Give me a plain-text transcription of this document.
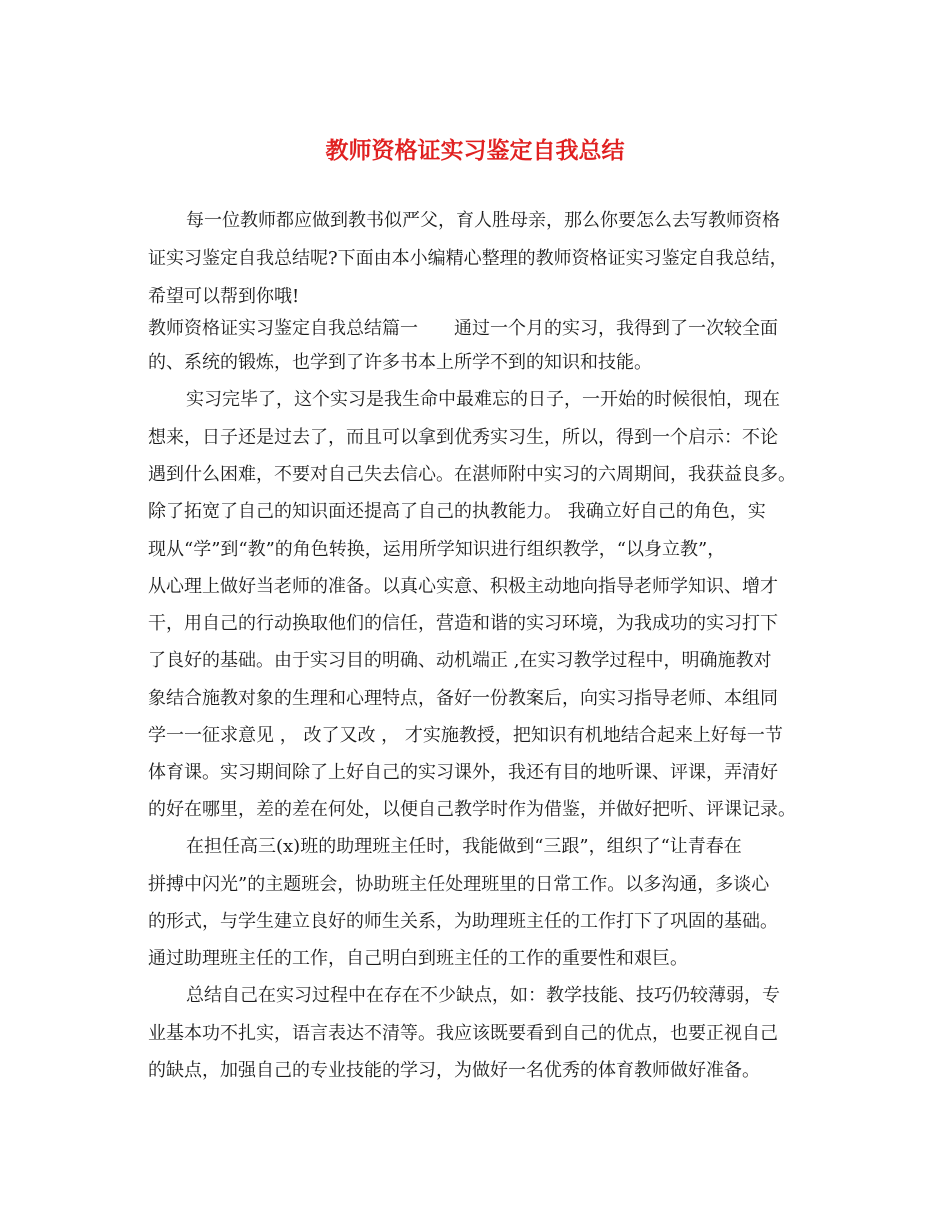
教师资格证实习鉴定自我总结

每一位教师都应做到教书似严父，育人胜母亲，那么你要怎么去写教师资格

证实习鉴定自我总结呢?下面由本小编精心整理的教师资格证实习鉴定自我总结，

希望可以帮到你哦!

教师资格证实习鉴定自我总结篇一　　通过一个月的实习，我得到了一次较全面

的、系统的锻炼，也学到了许多书本上所学不到的知识和技能。

实习完毕了，这个实习是我生命中最难忘的日子，一开始的时候很怕，现在

想来，日子还是过去了，而且可以拿到优秀实习生，所以，得到一个启示：不论

遇到什么困难，不要对自己失去信心。在湛师附中实习的六周期间，我获益良多。

除了拓宽了自己的知识面还提高了自己的执教能力。 我确立好自己的角色，实

现从“学”到“教”的角色转换，运用所学知识进行组织教学，“以身立教”，

从心理上做好当老师的准备。以真心实意、积极主动地向指导老师学知识、增才

干，用自己的行动换取他们的信任，营造和谐的实习环境，为我成功的实习打下

了良好的基础。由于实习目的明确、动机端正 ,在实习教学过程中，明确施教对

象结合施教对象的生理和心理特点，备好一份教案后，向实习指导老师、本组同

学一一征求意见 ， 改了又改 ， 才实施教授，把知识有机地结合起来上好每一节

体育课。实习期间除了上好自己的实习课外，我还有目的地听课、评课，弄清好

的好在哪里，差的差在何处，以便自己教学时作为借鉴，并做好把听、评课记录。

在担任高三(x)班的助理班主任时，我能做到“三跟”，组织了“让青春在

拼搏中闪光”的主题班会，协助班主任处理班里的日常工作。以多沟通，多谈心

的形式，与学生建立良好的师生关系，为助理班主任的工作打下了巩固的基础。

通过助理班主任的工作，自己明白到班主任的工作的重要性和艰巨。

总结自己在实习过程中在存在不少缺点，如：教学技能、技巧仍较薄弱，专

业基本功不扎实，语言表达不清等。我应该既要看到自己的优点，也要正视自己

的缺点，加强自己的专业技能的学习，为做好一名优秀的体育教师做好准备。
